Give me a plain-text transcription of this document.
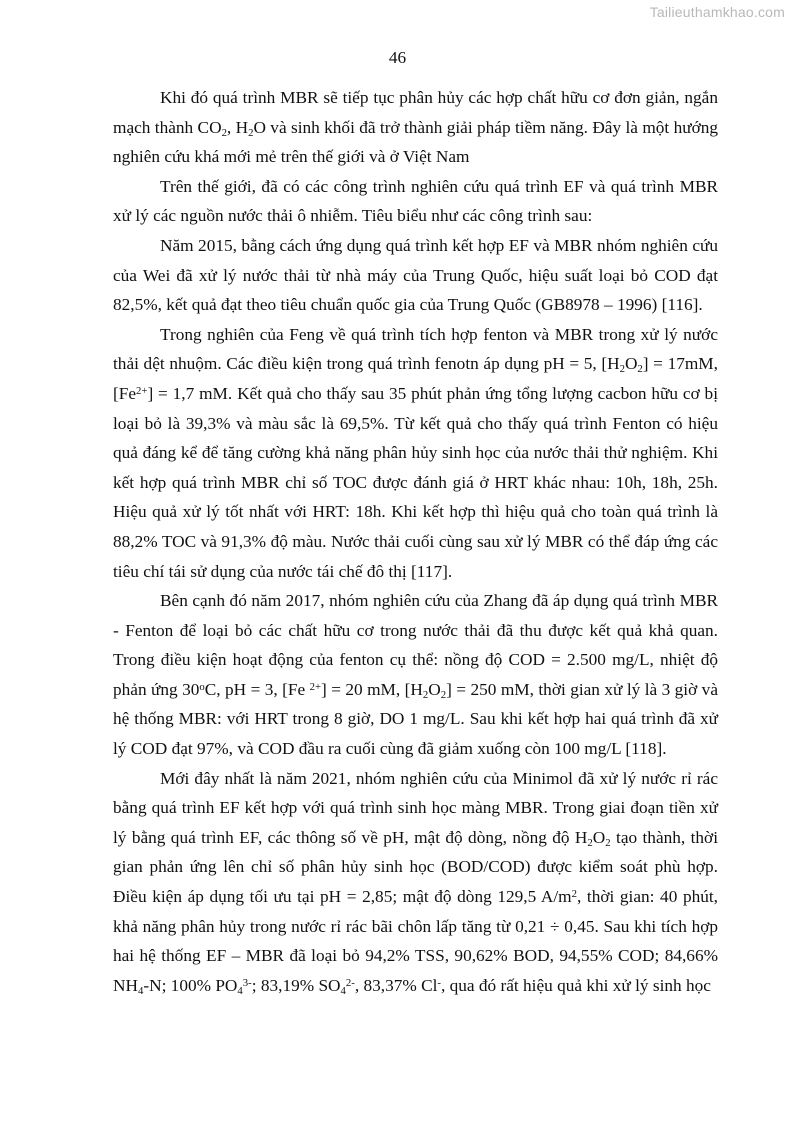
Tailieuthamkhao.com
46

Khi đó quá trình MBR sẽ tiếp tục phân hủy các hợp chất hữu cơ đơn giản, ngắn mạch thành $CO_2$, $H_2O$ và sinh khối đã trở thành giải pháp tiềm năng. Đây là một hướng nghiên cứu khá mới mẻ trên thế giới và ở Việt Nam

Trên thế giới, đã có các công trình nghiên cứu quá trình EF và quá trình MBR xử lý các nguồn nước thải ô nhiễm. Tiêu biểu như các công trình sau:

Năm 2015, bằng cách ứng dụng quá trình kết hợp EF và MBR nhóm nghiên cứu của Wei đã xử lý nước thải từ nhà máy của Trung Quốc, hiệu suất loại bỏ COD đạt 82,5%, kết quả đạt theo tiêu chuẩn quốc gia của Trung Quốc (GB8978 – 1996) [116].

Trong nghiên của Feng về quá trình tích hợp fenton và MBR trong xử lý nước thải dệt nhuộm. Các điều kiện trong quá trình fenotn áp dụng pH = 5, $[H_2O_2] = 17mM$, $[Fe^{2+}] = 1,7$ mM. Kết quả cho thấy sau 35 phút phản ứng tổng lượng cacbon hữu cơ bị loại bỏ là 39,3% và màu sắc là 69,5%. Từ kết quả cho thấy quá trình Fenton có hiệu quả đáng kể để tăng cường khả năng phân hủy sinh học của nước thải thử nghiệm. Khi kết hợp quá trình MBR chỉ số TOC được đánh giá ở HRT khác nhau: 10h, 18h, 25h. Hiệu quả xử lý tốt nhất với HRT: 18h. Khi kết hợp thì hiệu quả cho toàn quá trình là 88,2% TOC và 91,3% độ màu. Nước thải cuối cùng sau xử lý MBR có thể đáp ứng các tiêu chí tái sử dụng của nước tái chế đô thị [117].

Bên cạnh đó năm 2017, nhóm nghiên cứu của Zhang đã áp dụng quá trình MBR - Fenton để loại bỏ các chất hữu cơ trong nước thải đã thu được kết quả khả quan. Trong điều kiện hoạt động của fenton cụ thể: nồng độ COD = 2.500 mg/L, nhiệt độ phản ứng 30$^o$C, pH = 3, [Fe $^{2+}$] = 20 mM, $[H_2O_2] = 250$ mM, thời gian xử lý là 3 giờ và hệ thống MBR: với HRT trong 8 giờ, DO 1 mg/L. Sau khi kết hợp hai quá trình đã xử lý COD đạt 97%, và COD đầu ra cuối cùng đã giảm xuống còn 100 mg/L [118].

Mới đây nhất là năm 2021, nhóm nghiên cứu của Minimol đã xử lý nước rỉ rác bằng quá trình EF kết hợp với quá trình sinh học màng MBR. Trong giai đoạn tiền xử lý bằng quá trình EF, các thông số về pH, mật độ dòng, nồng độ $H_2O_2$ tạo thành, thời gian phản ứng lên chỉ số phân hủy sinh học (BOD/COD) được kiểm soát phù hợp. Điều kiện áp dụng tối ưu tại pH = 2,85; mật độ dòng 129,5 $A/m^2$, thời gian: 40 phút, khả năng phân hủy trong nước rỉ rác bãi chôn lấp tăng từ 0,21 ÷ 0,45. Sau khi tích hợp hai hệ thống EF – MBR đã loại bỏ 94,2% TSS, 90,62% BOD, 94,55% COD; 84,66% $NH_4-N$; 100% $PO_4^{3-}$; 83,19% $SO_4^{2-}$, 83,37% Cl-, qua đó rất hiệu quả khi xử lý sinh học
